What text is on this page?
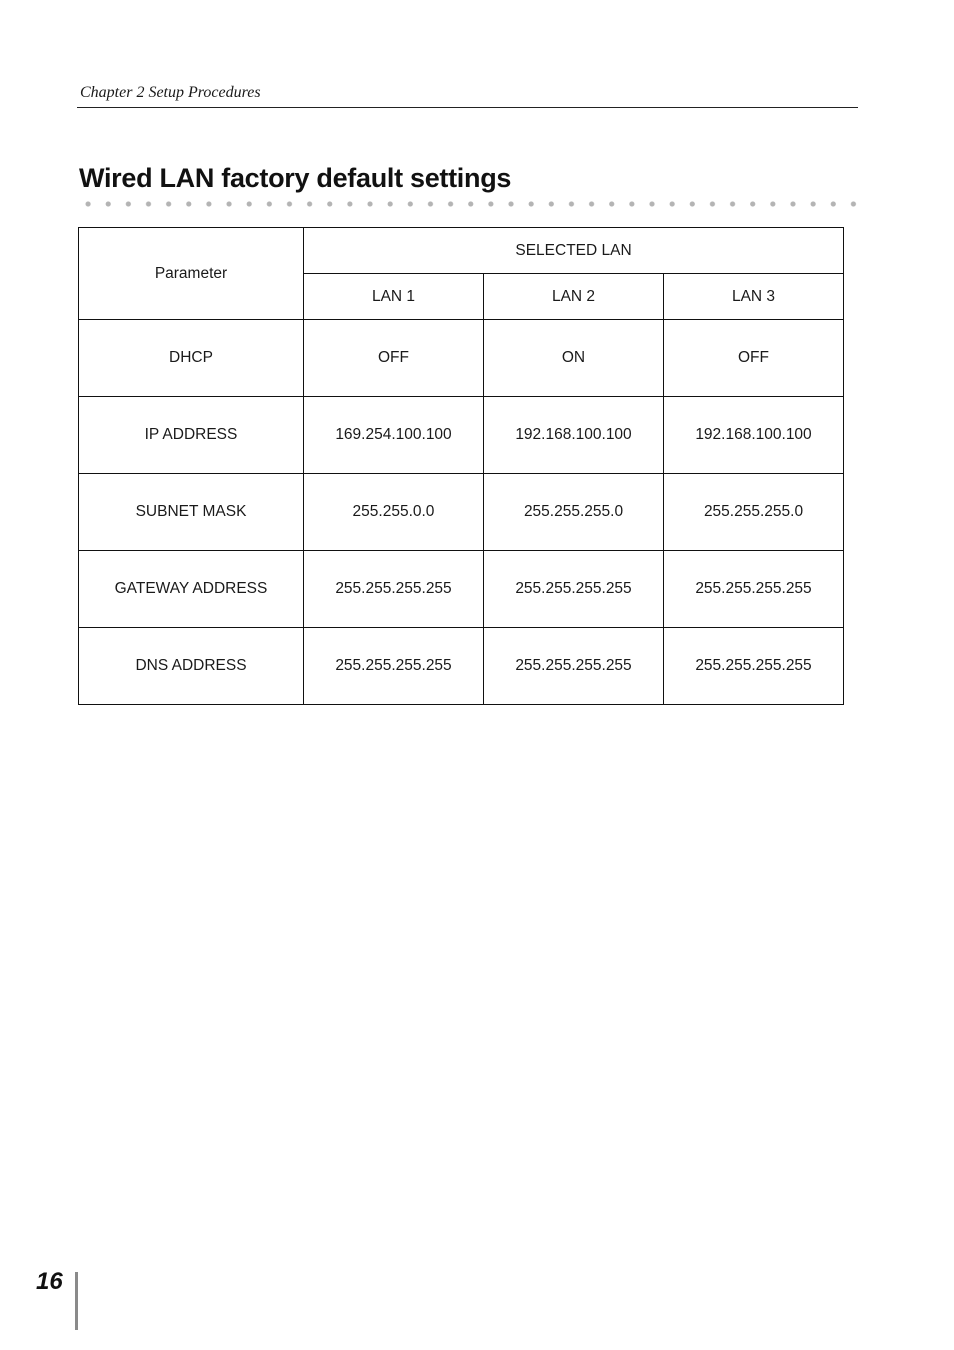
Chapter 2 Setup Procedures
Wired LAN factory default settings
Parameter	SELECTED LAN		
	LAN 1	LAN 2	LAN 3
DHCP	OFF	ON	OFF
IP ADDRESS	169.254.100.100	192.168.100.100	192.168.100.100
SUBNET MASK	255.255.0.0	255.255.255.0	255.255.255.0
GATEWAY ADDRESS	255.255.255.255	255.255.255.255	255.255.255.255
DNS ADDRESS	255.255.255.255	255.255.255.255	255.255.255.255
16
